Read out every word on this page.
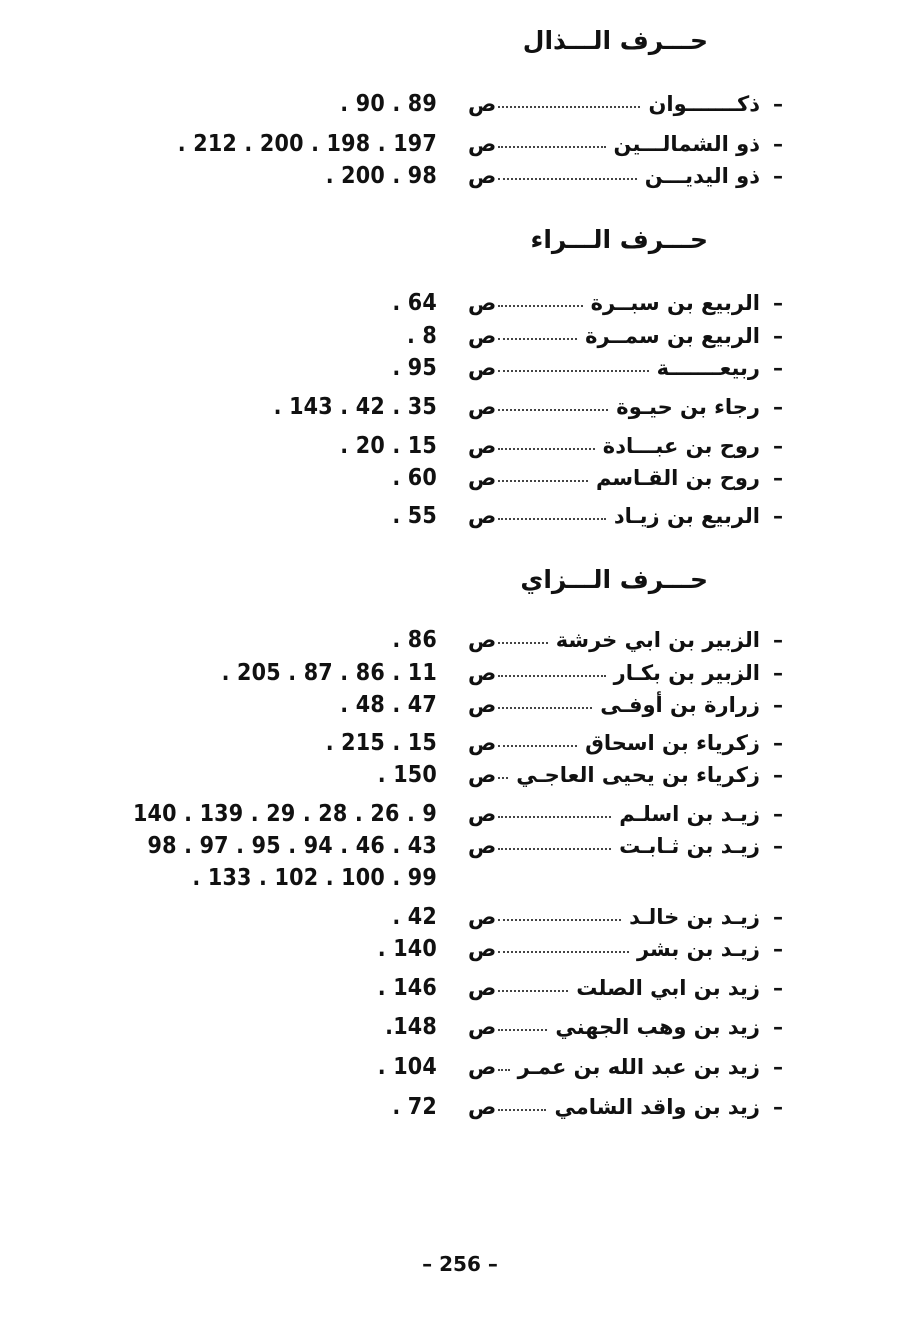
حـــرف الـــذال
–
ذكـــــــوان
ص
. 90 . 89
–
ذو الشمالـــين
ص
. 212 . 200 . 198 . 197
–
ذو اليديـــن
ص
. 200 . 98
حـــرف الـــراء
–
الربيع بن سبــرة
ص
. 64
–
الربيع بن سمــرة
ص
. 8
–
ربيعـــــــة
ص
. 95
–
رجاء بن حيـوة
ص
. 143 . 42 . 35
–
روح بن عبـــادة
ص
. 20 . 15
–
روح بن القـاسم
ص
. 60
–
الربيع بن زيـاد
ص
. 55
حـــرف الـــزاي
–
الزبير بن ابي خرشة
ص
. 86
–
الزبير بن بكـار
ص
. 205 . 87 . 86 . 11
–
زرارة بن أوفـى
ص
. 48 . 47
–
زكرياء بن اسحاق
ص
. 215 . 15
–
زكرياء بن يحيى العاجـي
ص
. 150
–
زيـد بن اسلـم
ص
140 . 139 . 29 . 28 . 26 . 9
–
زيـد بن ثـابـت
ص
98 . 97 . 95 . 94 . 46 . 43
. 133 . 102 . 100 . 99
–
زيـد بن خالـد
ص
. 42
–
زيـد بن بشر
ص
. 140
–
زيد بن ابي الصلت
ص
. 146
–
زيد بن وهب الجهني
ص
.148
–
زيد بن عبد الله بن عمـر
ص
. 104
–
زيد بن واقد الشامي
ص
. 72
– 256 –
